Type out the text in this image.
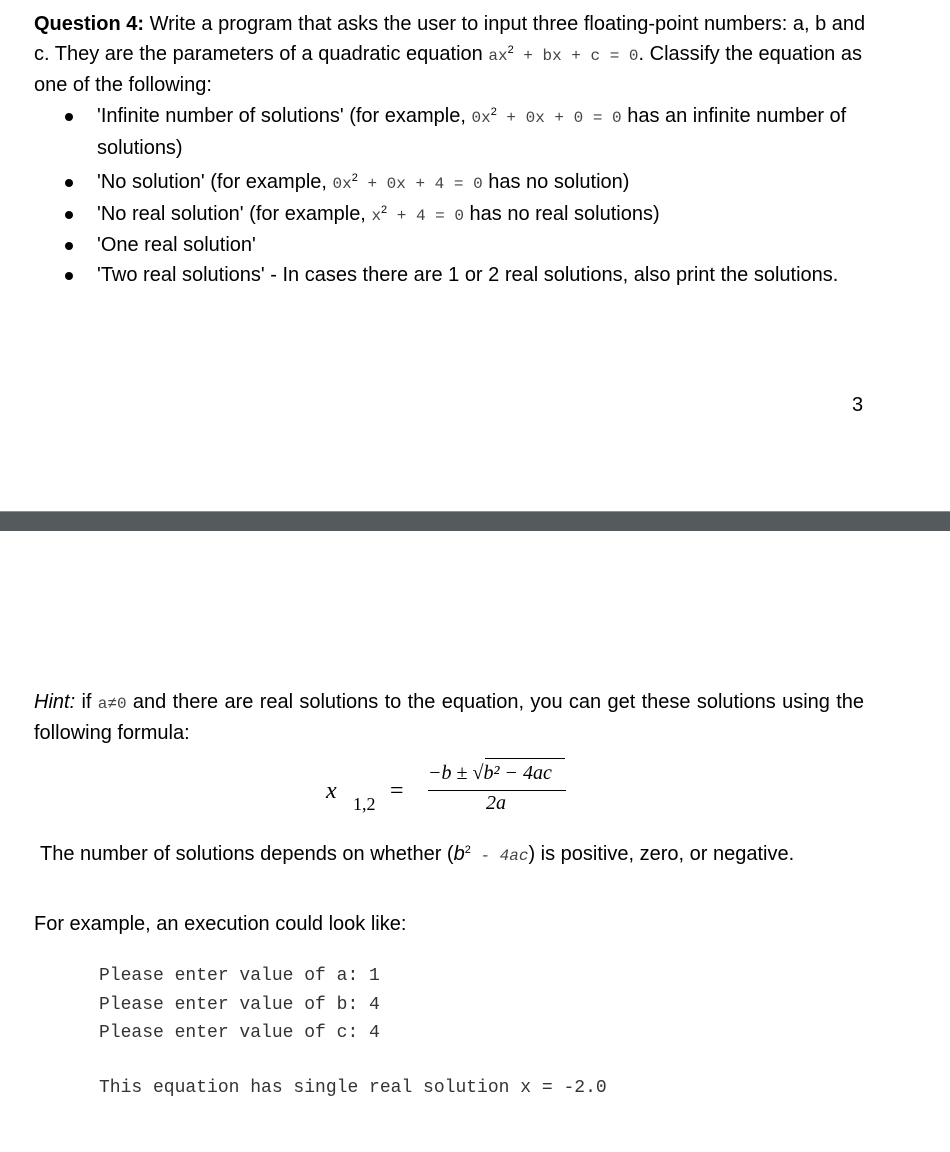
Question 4: Write a program that asks the user to input three floating-point numbers: a, b and c. They are the parameters of a quadratic equation $ax^2$ + bx + c = 0. Classify the equation as one of the following:
'Infinite number of solutions' (for example, $0x^2 + 0x + 0 = 0$ has an infinite number of solutions)
'No solution' (for example, $0x^2 + 0x + 4 = 0$ has no solution)
'No real solution' (for example, $x^2 + 4 = 0$ has no real solutions)
'One real solution'
'Two real solutions' - In cases there are 1 or 2 real solutions, also print the solutions.
3
Hint: if a≠0 and there are real solutions to the equation, you can get these solutions using the following formula:
x 1,2 =
−b ± √b² − 4ac
2a
The number of solutions depends on whether $(b^2 - 4ac)$ is positive, zero, or negative.
For example, an execution could look like:
Please enter value of a: 1
Please enter value of b: 4
Please enter value of c: 4
This equation has single real solution x = -2.0
